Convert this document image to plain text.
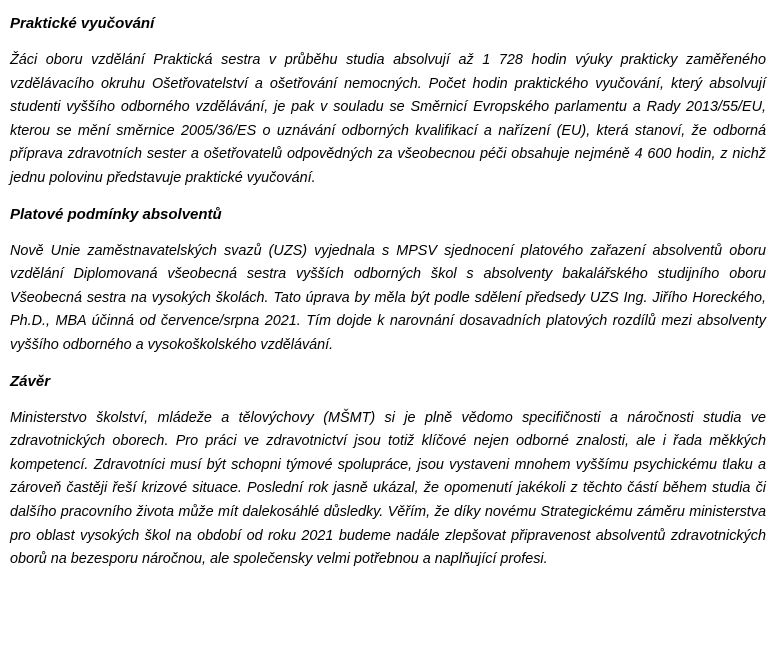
Praktické vyučování

Žáci oboru vzdělání Praktická sestra v průběhu studia absolvují až 1 728 hodin výuky prakticky zaměřeného vzdělávacího okruhu Ošetřovatelství a ošetřování nemocných. Počet hodin praktického vyučování, který absolvují studenti vyššího odborného vzdělávání, je pak v souladu se Směrnicí Evropského parlamentu a Rady 2013/55/EU, kterou se mění směrnice 2005/36/ES o uznávání odborných kvalifikací a nařízení (EU), která stanoví, že odborná příprava zdravotních sester a ošetřovatelů odpovědných za všeobecnou péči obsahuje nejméně 4 600 hodin, z nichž jednu polovinu představuje praktické vyučování.

Platové podmínky absolventů

Nově Unie zaměstnavatelských svazů (UZS) vyjednala s MPSV sjednocení platového zařazení absolventů oboru vzdělání Diplomovaná všeobecná sestra vyšších odborných škol s absolventy bakalářského studijního oboru Všeobecná sestra na vysokých školách. Tato úprava by měla být podle sdělení předsedy UZS Ing. Jiřího Horeckého, Ph.D., MBA účinná od července/srpna 2021. Tím dojde k narovnání dosavadních platových rozdílů mezi absolventy vyššího odborného a vysokoškolského vzdělávání.

Závěr

Ministerstvo školství, mládeže a tělovýchovy (MŠMT) si je plně vědomo specifičnosti a náročnosti studia ve zdravotnických oborech. Pro práci ve zdravotnictví jsou totiž klíčové nejen odborné znalosti, ale i řada měkkých kompetencí. Zdravotníci musí být schopni týmové spolupráce, jsou vystaveni mnohem vyššímu psychickému tlaku a zároveň častěji řeší krizové situace. Poslední rok jasně ukázal, že opomenutí jakékoli z těchto částí během studia či dalšího pracovního života může mít dalekosáhlé důsledky. Věřím, že díky novému Strategickému záměru ministerstva pro oblast vysokých škol na období od roku 2021 budeme nadále zlepšovat připravenost absolventů zdravotnických oborů na bezesporu náročnou, ale společensky velmi potřebnou a naplňující profesi.
